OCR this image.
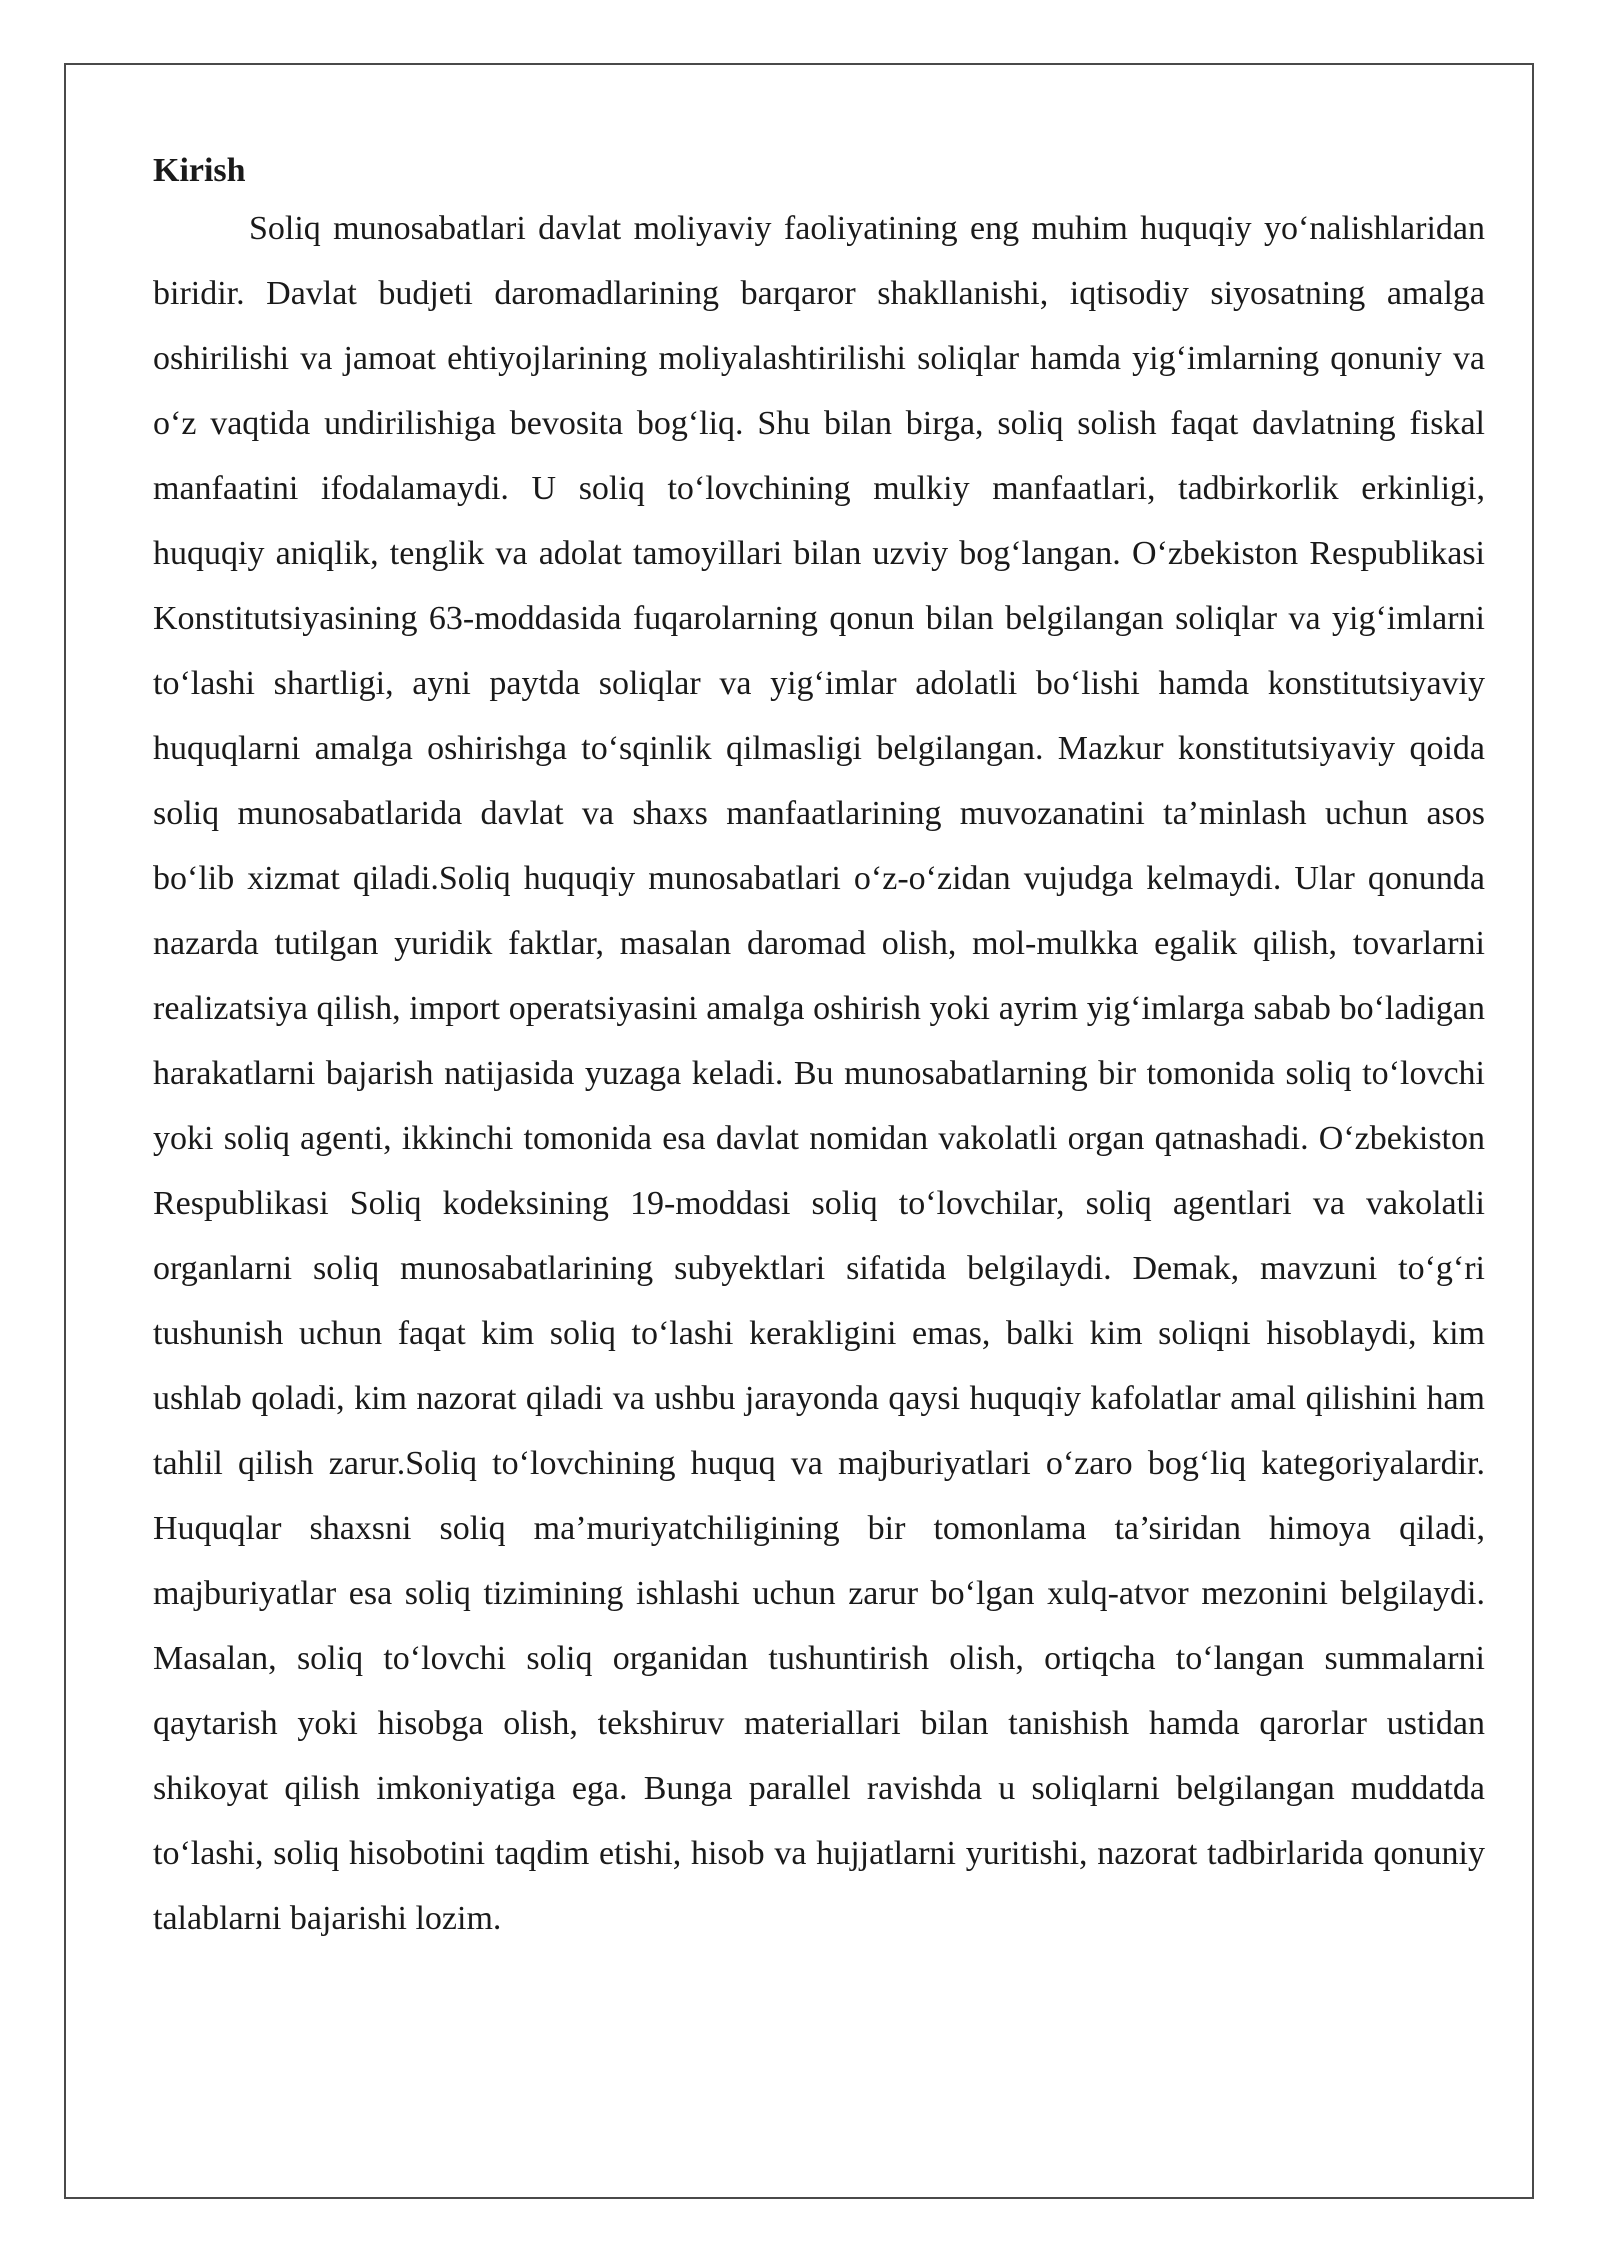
Kirish

Soliq munosabatlari davlat moliyaviy faoliyatining eng muhim huquqiy yo‘nalishlaridan biridir. Davlat budjeti daromadlarining barqaror shakllanishi, iqtisodiy siyosatning amalga oshirilishi va jamoat ehtiyojlarining moliyalashtirilishi soliqlar hamda yig‘imlarning qonuniy va o‘z vaqtida undirilishiga bevosita bog‘liq. Shu bilan birga, soliq solish faqat davlatning fiskal manfaatini ifodalamaydi. U soliq to‘lovchining mulkiy manfaatlari, tadbirkorlik erkinligi, huquqiy aniqlik, tenglik va adolat tamoyillari bilan uzviy bog‘langan. O‘zbekiston Respublikasi Konstitutsiyasining 63-moddasida fuqarolarning qonun bilan belgilangan soliqlar va yig‘imlarni to‘lashi shartligi, ayni paytda soliqlar va yig‘imlar adolatli bo‘lishi hamda konstitutsiyaviy huquqlarni amalga oshirishga to‘sqinlik qilmasligi belgilangan. Mazkur konstitutsiyaviy qoida soliq munosabatlarida davlat va shaxs manfaatlarining muvozanatini ta’minlash uchun asos bo‘lib xizmat qiladi.Soliq huquqiy munosabatlari o‘z-o‘zidan vujudga kelmaydi. Ular qonunda nazarda tutilgan yuridik faktlar, masalan daromad olish, mol-mulkka egalik qilish, tovarlarni realizatsiya qilish, import operatsiyasini amalga oshirish yoki ayrim yig‘imlarga sabab bo‘ladigan harakatlarni bajarish natijasida yuzaga keladi. Bu munosabatlarning bir tomonida soliq to‘lovchi yoki soliq agenti, ikkinchi tomonida esa davlat nomidan vakolatli organ qatnashadi. O‘zbekiston Respublikasi Soliq kodeksining 19-moddasi soliq to‘lovchilar, soliq agentlari va vakolatli organlarni soliq munosabatlarining subyektlari sifatida belgilaydi. Demak, mavzuni to‘g‘ri tushunish uchun faqat kim soliq to‘lashi kerakligini emas, balki kim soliqni hisoblaydi, kim ushlab qoladi, kim nazorat qiladi va ushbu jarayonda qaysi huquqiy kafolatlar amal qilishini ham tahlil qilish zarur.Soliq to‘lovchining huquq va majburiyatlari o‘zaro bog‘liq kategoriyalardir. Huquqlar shaxsni soliq ma’muriyatchiligining bir tomonlama ta’siridan himoya qiladi, majburiyatlar esa soliq tizimining ishlashi uchun zarur bo‘lgan xulq-atvor mezonini belgilaydi. Masalan, soliq to‘lovchi soliq organidan tushuntirish olish, ortiqcha to‘langan summalarni qaytarish yoki hisobga olish, tekshiruv materiallari bilan tanishish hamda qarorlar ustidan shikoyat qilish imkoniyatiga ega. Bunga parallel ravishda u soliqlarni belgilangan muddatda to‘lashi, soliq hisobotini taqdim etishi, hisob va hujjatlarni yuritishi, nazorat tadbirlarida qonuniy talablarni bajarishi lozim.
